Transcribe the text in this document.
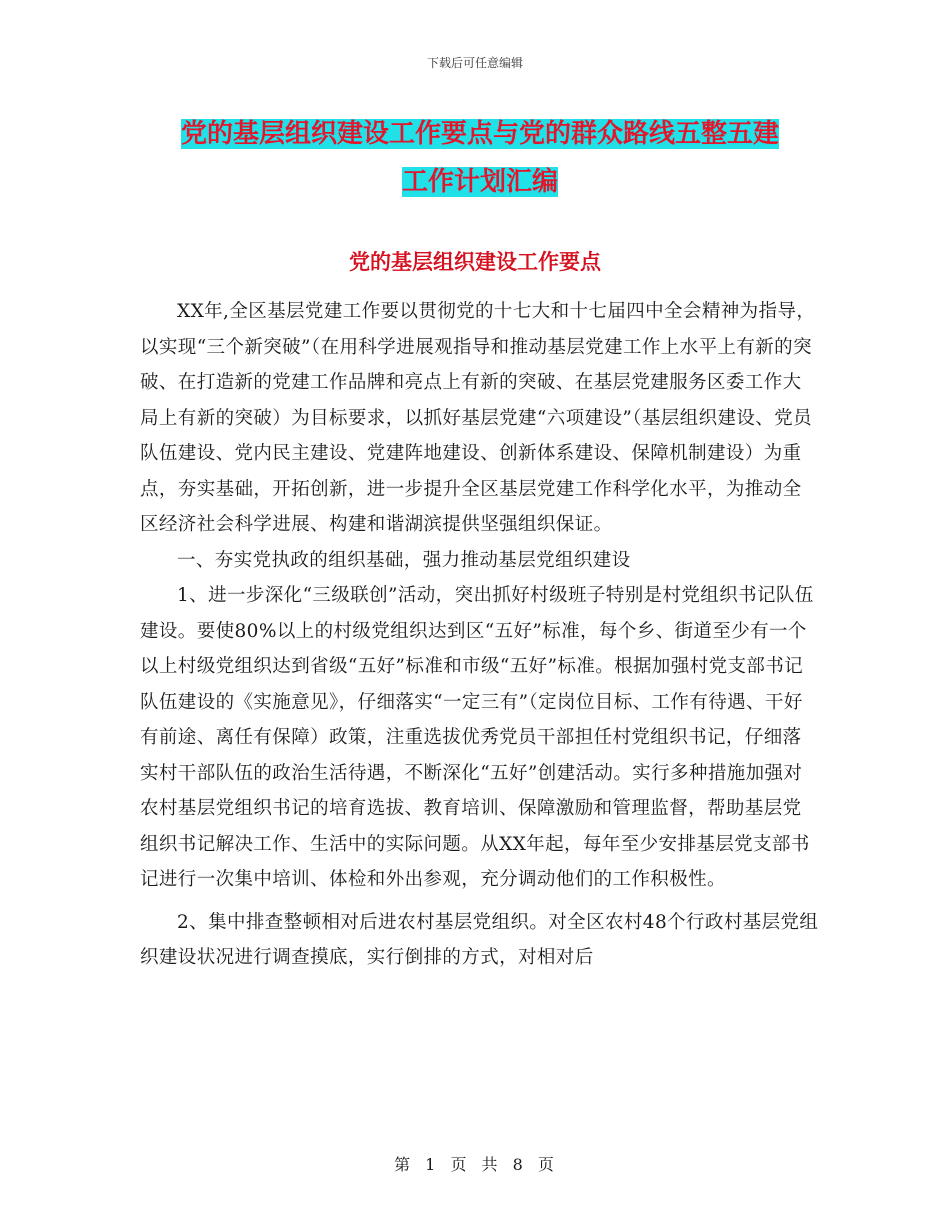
下载后可任意编辑
党的基层组织建设工作要点与党的群众路线五整五建
工作计划汇编
党的基层组织建设工作要点

XX年,全区基层党建工作要以贯彻党的十七大和十七届四中全会精神为指导，以实现“三个新突破”（在用科学进展观指导和推动基层党建工作上水平上有新的突破、在打造新的党建工作品牌和亮点上有新的突破、在基层党建服务区委工作大局上有新的突破）为目标要求，以抓好基层党建“六项建设”（基层组织建设、党员队伍建设、党内民主建设、党建阵地建设、创新体系建设、保障机制建设）为重点，夯实基础，开拓创新，进一步提升全区基层党建工作科学化水平，为推动全区经济社会科学进展、构建和谐湖滨提供坚强组织保证。

一、夯实党执政的组织基础，强力推动基层党组织建设

1、进一步深化“三级联创”活动，突出抓好村级班子特别是村党组织书记队伍建设。要使80%以上的村级党组织达到区“五好”标准，每个乡、街道至少有一个以上村级党组织达到省级“五好”标准和市级“五好”标准。根据加强村党支部书记队伍建设的《实施意见》，仔细落实“一定三有”（定岗位目标、工作有待遇、干好有前途、离任有保障）政策，注重选拔优秀党员干部担任村党组织书记，仔细落实村干部队伍的政治生活待遇，不断深化“五好”创建活动。实行多种措施加强对农村基层党组织书记的培育选拔、教育培训、保障激励和管理监督，帮助基层党组织书记解决工作、生活中的实际问题。从XX年起，每年至少安排基层党支部书记进行一次集中培训、体检和外出参观，充分调动他们的工作积极性。

2、集中排查整顿相对后进农村基层党组织。对全区农村48个行政村基层党组织建设状况进行调查摸底，实行倒排的方式，对相对后

第 1 页 共 8 页
